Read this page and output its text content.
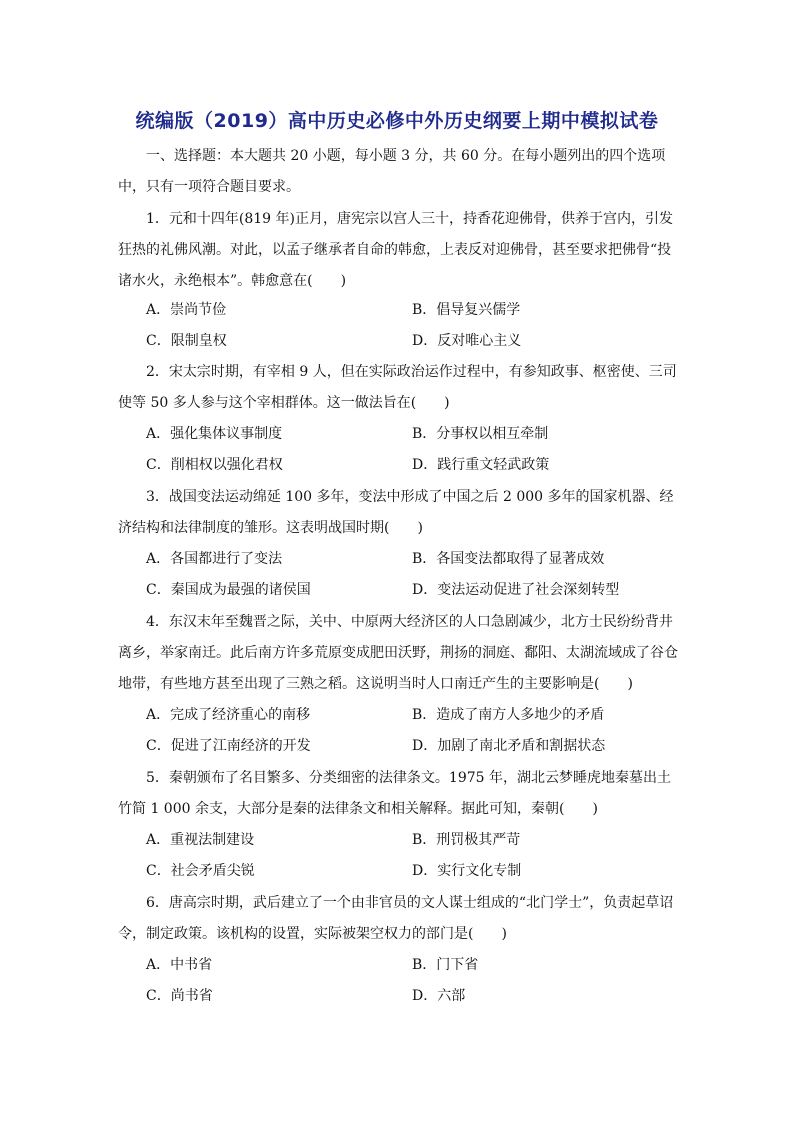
统编版（2019）高中历史必修中外历史纲要上期中模拟试卷

一、选择题：本大题共 20 小题，每小题 3 分，共 60 分。在每小题列出的四个选项中，只有一项符合题目要求。

1．元和十四年(819 年)正月，唐宪宗以宫人三十，持香花迎佛骨，供养于宫内，引发狂热的礼佛风潮。对此，以孟子继承者自命的韩愈，上表反对迎佛骨，甚至要求把佛骨“投诸水火，永绝根本”。韩愈意在(　　)

A．崇尚节俭	B．倡导复兴儒学
C．限制皇权	D．反对唯心主义

2．宋太宗时期，有宰相 9 人，但在实际政治运作过程中，有参知政事、枢密使、三司使等 50 多人参与这个宰相群体。这一做法旨在(　　)

A．强化集体议事制度	B．分事权以相互牵制
C．削相权以强化君权	D．践行重文轻武政策

3．战国变法运动绵延 100 多年，变法中形成了中国之后 2 000 多年的国家机器、经济结构和法律制度的雏形。这表明战国时期(　　)

A．各国都进行了变法	B．各国变法都取得了显著成效
C．秦国成为最强的诸侯国	D．变法运动促进了社会深刻转型

4．东汉末年至魏晋之际，关中、中原两大经济区的人口急剧减少，北方士民纷纷背井离乡，举家南迁。此后南方许多荒原变成肥田沃野，荆扬的洞庭、鄱阳、太湖流域成了谷仓地带，有些地方甚至出现了三熟之稻。这说明当时人口南迁产生的主要影响是(　　)

A．完成了经济重心的南移	B．造成了南方人多地少的矛盾
C．促进了江南经济的开发	D．加剧了南北矛盾和割据状态

5．秦朝颁布了名目繁多、分类细密的法律条文。1975 年，湖北云梦睡虎地秦墓出土竹简 1 000 余支，大部分是秦的法律条文和相关解释。据此可知，秦朝(　　)

A．重视法制建设	B．刑罚极其严苛
C．社会矛盾尖锐	D．实行文化专制

6．唐高宗时期，武后建立了一个由非官员的文人谋士组成的“北门学士”，负责起草诏令，制定政策。该机构的设置，实际被架空权力的部门是(　　)

A．中书省	B．门下省
C．尚书省	D．六部
